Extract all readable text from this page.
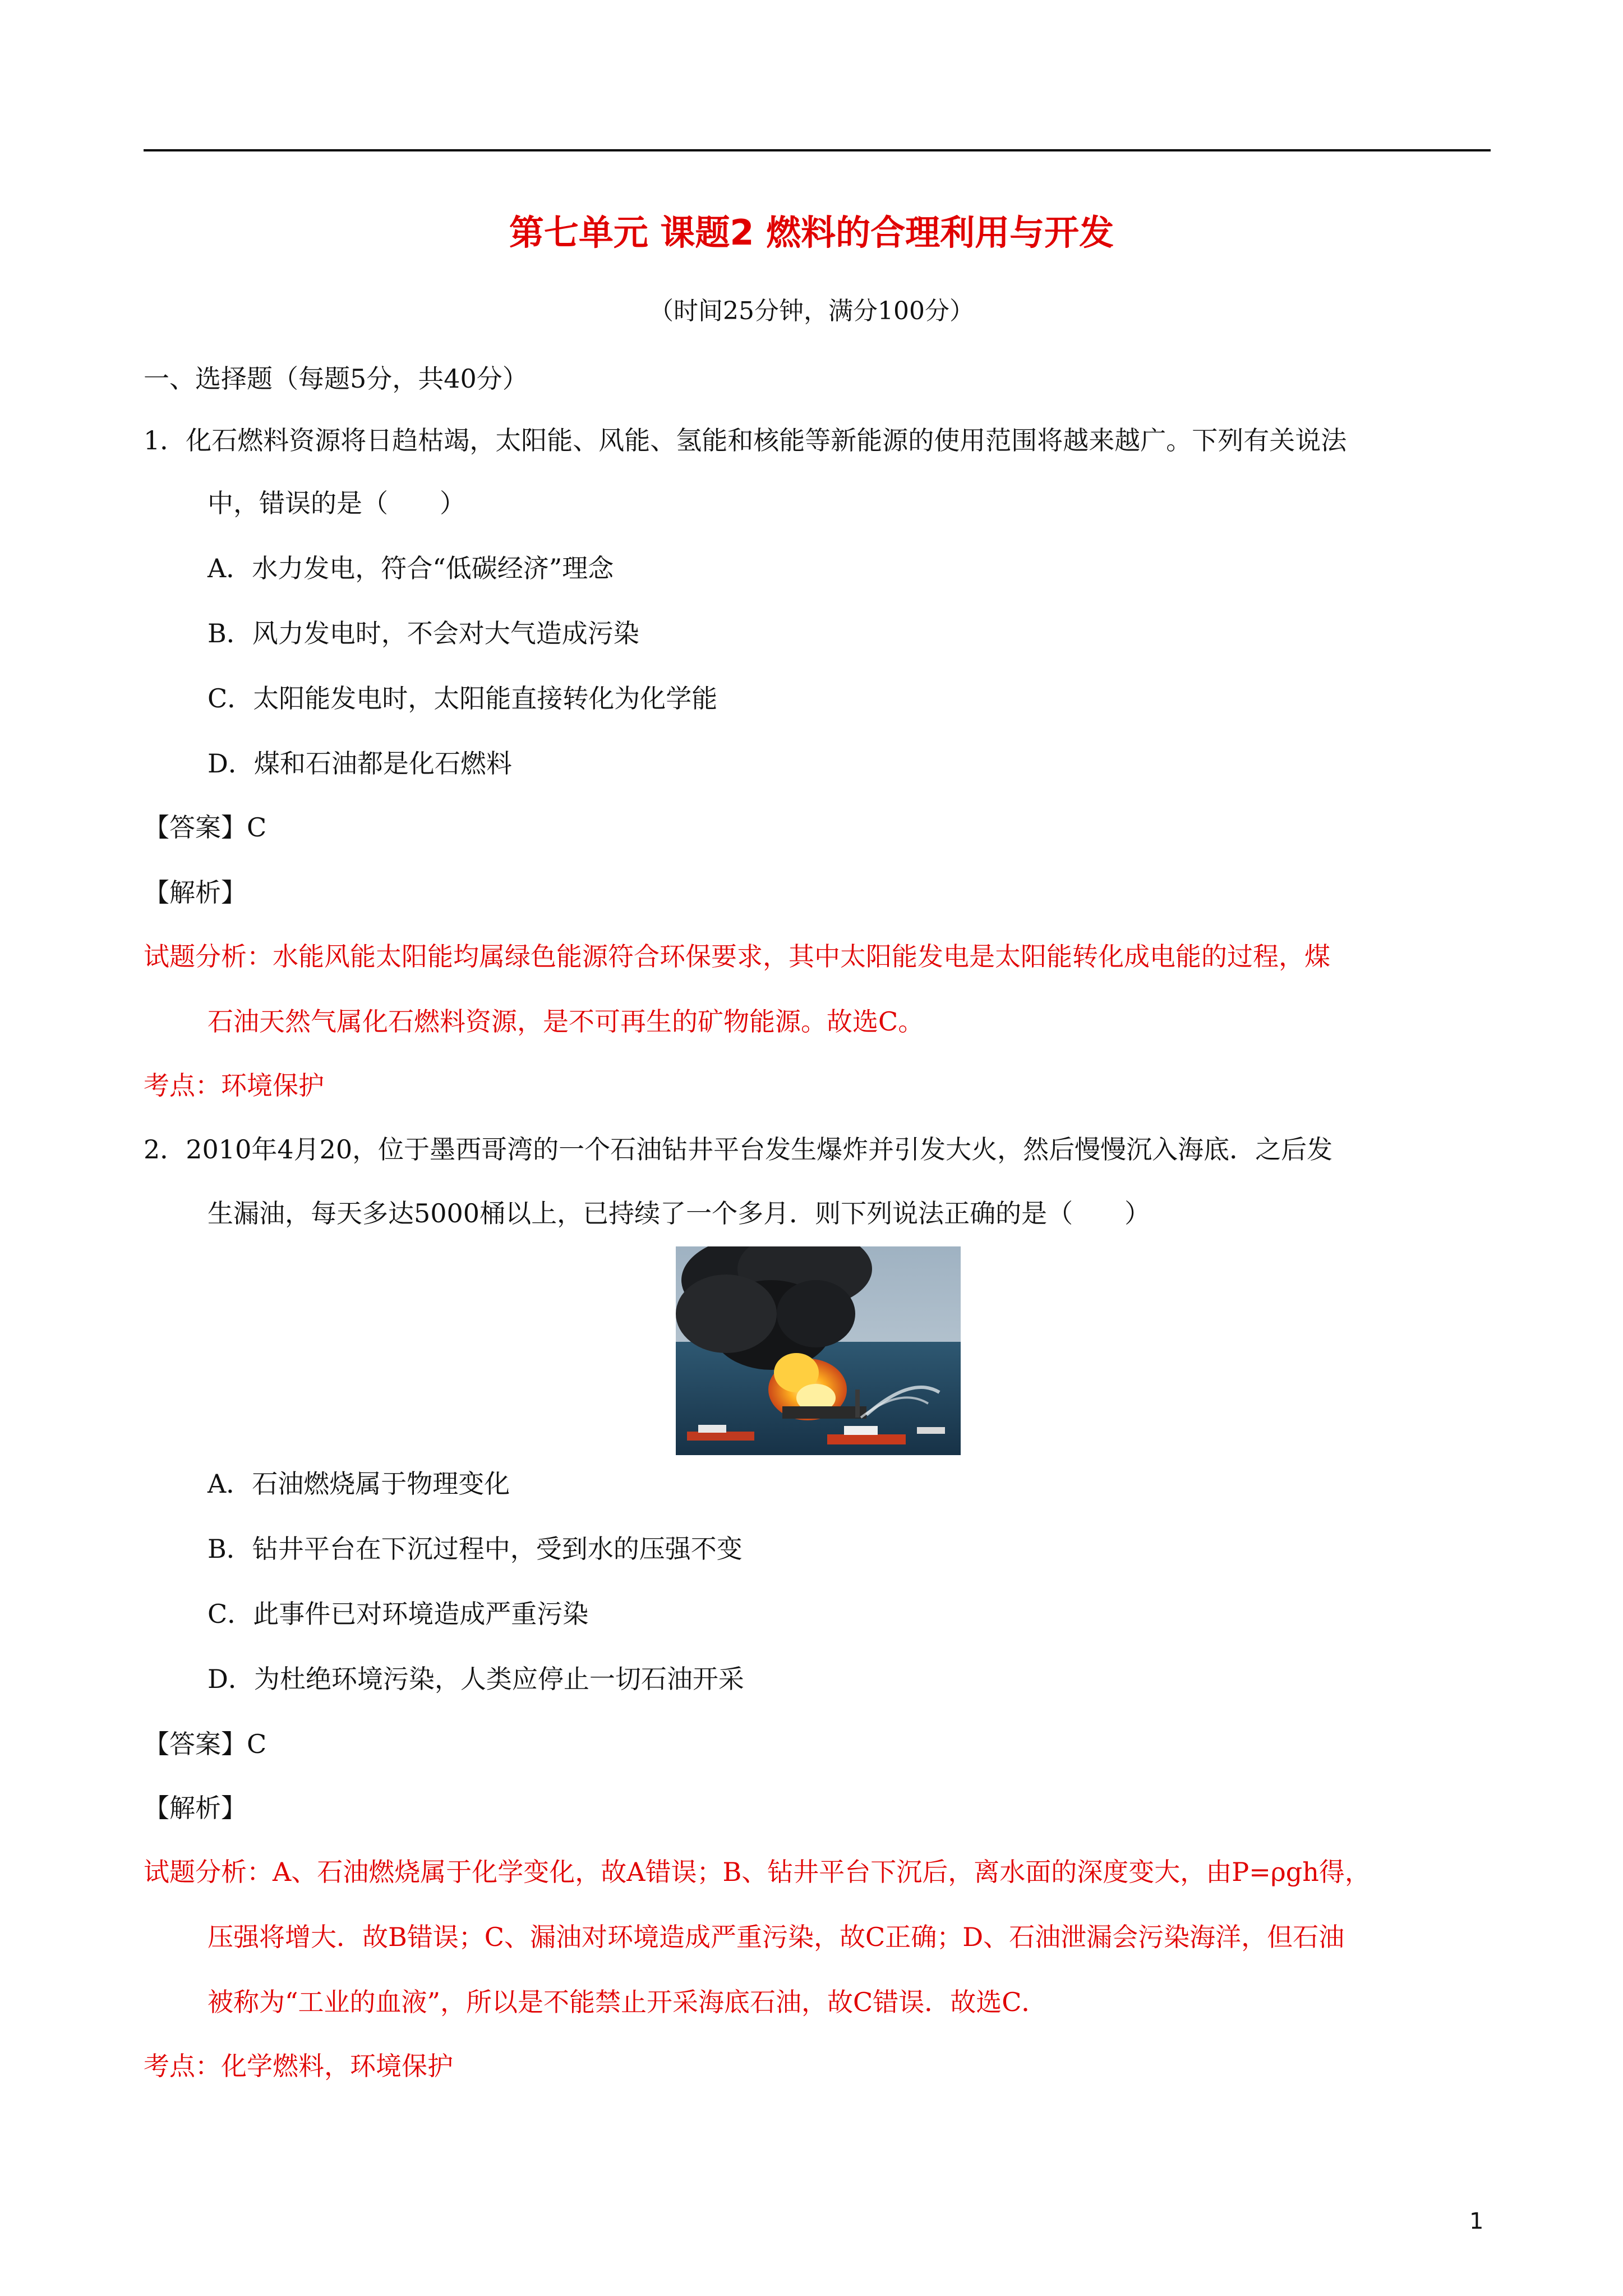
第七单元 课题2 燃料的合理利用与开发
（时间25分钟，满分100分）
一、选择题（每题5分，共40分）
1．化石燃料资源将日趋枯竭，太阳能、风能、氢能和核能等新能源的使用范围将越来越广。下列有关说法
中，错误的是（　　）
A．水力发电，符合“低碳经济”理念
B．风力发电时，不会对大气造成污染
C．太阳能发电时，太阳能直接转化为化学能
D．煤和石油都是化石燃料
【答案】C
【解析】
试题分析：水能风能太阳能均属绿色能源符合环保要求，其中太阳能发电是太阳能转化成电能的过程，煤
石油天然气属化石燃料资源，是不可再生的矿物能源。故选C。
考点：环境保护
2．2010年4月20，位于墨西哥湾的一个石油钻井平台发生爆炸并引发大火，然后慢慢沉入海底．之后发
生漏油，每天多达5000桶以上，已持续了一个多月．则下列说法正确的是（　　）
A．石油燃烧属于物理变化
B．钻井平台在下沉过程中，受到水的压强不变
C．此事件已对环境造成严重污染
D．为杜绝环境污染，人类应停止一切石油开采
【答案】C
【解析】
试题分析：A、石油燃烧属于化学变化，故A错误；B、钻井平台下沉后，离水面的深度变大，由P=ρgh得，
压强将增大．故B错误；C、漏油对环境造成严重污染，故C正确；D、石油泄漏会污染海洋，但石油
被称为“工业的血液”，所以是不能禁止开采海底石油，故C错误．故选C．
考点：化学燃料，环境保护
1
